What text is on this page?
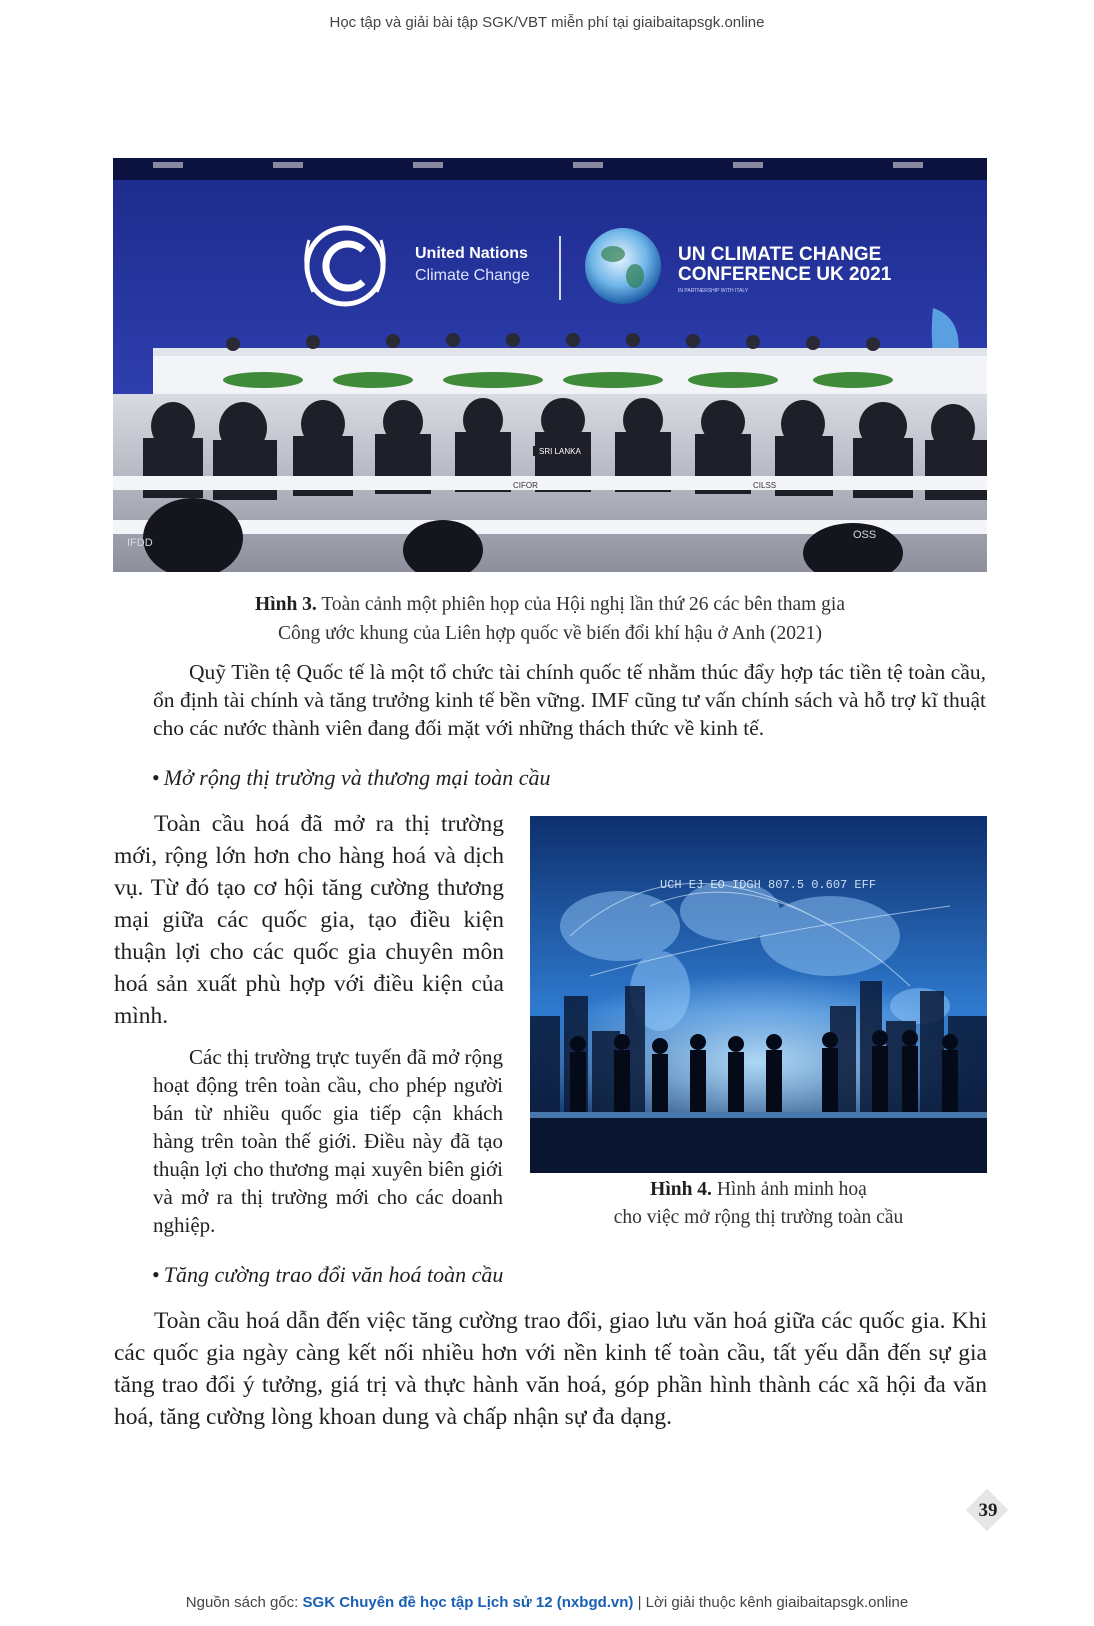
Học tập và giải bài tập SGK/VBT miễn phí tại giaibaitapsgk.online
United Nations
Climate Change
UN CLIMATE CHANGE
CONFERENCE UK 2021
IN PARTNERSHIP WITH ITALY
SRI LANKA
CIFOR	CILSS
IFDD
OSS
Hình 3. Toàn cảnh một phiên họp của Hội nghị lần thứ 26 các bên tham gia
Công ước khung của Liên hợp quốc về biến đổi khí hậu ở Anh (2021)
Quỹ Tiền tệ Quốc tế là một tổ chức tài chính quốc tế nhằm thúc đẩy hợp tác tiền tệ toàn cầu, ổn định tài chính và tăng trưởng kinh tế bền vững. IMF cũng tư vấn chính sách và hỗ trợ kĩ thuật cho các nước thành viên đang đối mặt với những thách thức về kinh tế.
• Mở rộng thị trường và thương mại toàn cầu
Toàn cầu hoá đã mở ra thị trường mới, rộng lớn hơn cho hàng hoá và dịch vụ. Từ đó tạo cơ hội tăng cường thương mại giữa các quốc gia, tạo điều kiện thuận lợi cho các quốc gia chuyên môn hoá sản xuất phù hợp với điều kiện của mình.
Các thị trường trực tuyến đã mở rộng hoạt động trên toàn cầu, cho phép người bán từ nhiều quốc gia tiếp cận khách hàng trên toàn thế giới. Điều này đã tạo thuận lợi cho thương mại xuyên biên giới và mở ra thị trường mới cho các doanh nghiệp.
UCH EJ EO IDGH 807.5 0.607 EFF
Hình 4. Hình ảnh minh hoạ
cho việc mở rộng thị trường toàn cầu
• Tăng cường trao đổi văn hoá toàn cầu
Toàn cầu hoá dẫn đến việc tăng cường trao đổi, giao lưu văn hoá giữa các quốc gia. Khi các quốc gia ngày càng kết nối nhiều hơn với nền kinh tế toàn cầu, tất yếu dẫn đến sự gia tăng trao đổi ý tưởng, giá trị và thực hành văn hoá, góp phần hình thành các xã hội đa văn hoá, tăng cường lòng khoan dung và chấp nhận sự đa dạng.
39
Nguồn sách gốc: SGK Chuyên đề học tập Lịch sử 12 (nxbgd.vn) | Lời giải thuộc kênh giaibaitapsgk.online
